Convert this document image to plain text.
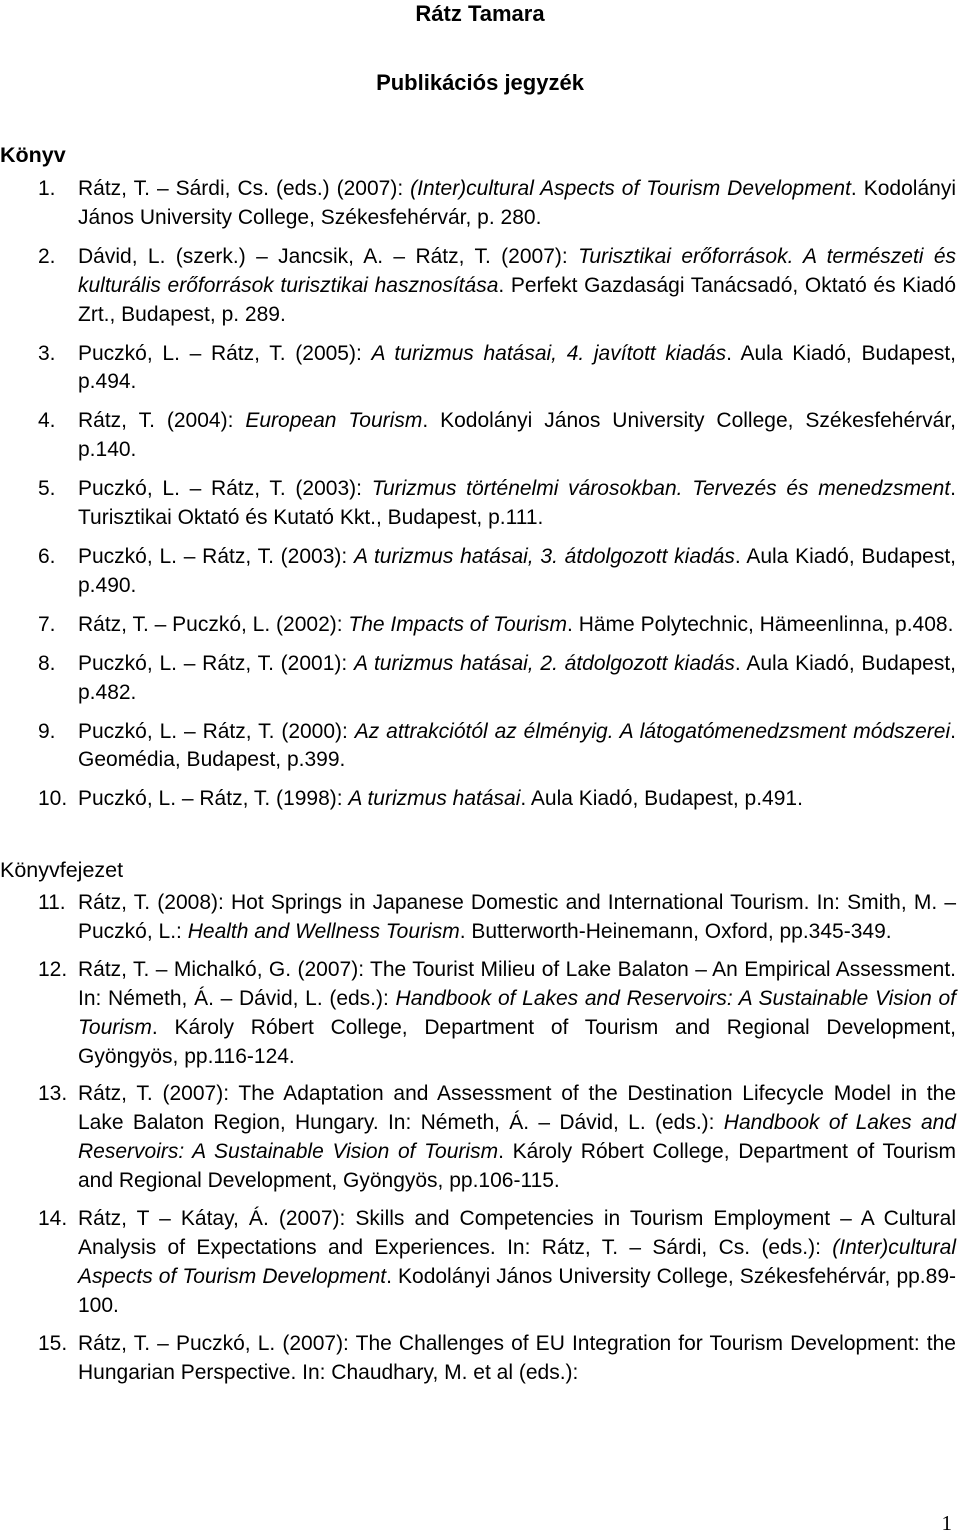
Rátz Tamara
Publikációs jegyzék
Könyv
1. Rátz, T. – Sárdi, Cs. (eds.) (2007): (Inter)cultural Aspects of Tourism Development. Kodolányi János University College, Székesfehérvár, p. 280.
2. Dávid, L. (szerk.) – Jancsik, A. – Rátz, T. (2007): Turisztikai erőforrások. A természeti és kulturális erőforrások turisztikai hasznosítása. Perfekt Gazdasági Tanácsadó, Oktató és Kiadó Zrt., Budapest, p. 289.
3. Puczkó, L. – Rátz, T. (2005): A turizmus hatásai, 4. javított kiadás. Aula Kiadó, Budapest, p.494.
4. Rátz, T. (2004): European Tourism. Kodolányi János University College, Székesfehérvár, p.140.
5. Puczkó, L. – Rátz, T. (2003): Turizmus történelmi városokban. Tervezés és menedzsment. Turisztikai Oktató és Kutató Kkt., Budapest, p.111.
6. Puczkó, L. – Rátz, T. (2003): A turizmus hatásai, 3. átdolgozott kiadás. Aula Kiadó, Budapest, p.490.
7. Rátz, T. – Puczkó, L. (2002): The Impacts of Tourism. Häme Polytechnic, Hämeenlinna, p.408.
8. Puczkó, L. – Rátz, T. (2001): A turizmus hatásai, 2. átdolgozott kiadás. Aula Kiadó, Budapest, p.482.
9. Puczkó, L. – Rátz, T. (2000): Az attrakciótól az élményig. A látogatómenedzsment módszerei. Geomédia, Budapest, p.399.
10. Puczkó, L. – Rátz, T. (1998): A turizmus hatásai. Aula Kiadó, Budapest, p.491.
Könyvfejezet
11. Rátz, T. (2008): Hot Springs in Japanese Domestic and International Tourism. In: Smith, M. – Puczkó, L.: Health and Wellness Tourism. Butterworth-Heinemann, Oxford, pp.345-349.
12. Rátz, T. – Michalkó, G. (2007): The Tourist Milieu of Lake Balaton – An Empirical Assessment. In: Németh, Á. – Dávid, L. (eds.): Handbook of Lakes and Reservoirs: A Sustainable Vision of Tourism. Károly Róbert College, Department of Tourism and Regional Development, Gyöngyös, pp.116-124.
13. Rátz, T. (2007): The Adaptation and Assessment of the Destination Lifecycle Model in the Lake Balaton Region, Hungary. In: Németh, Á. – Dávid, L. (eds.): Handbook of Lakes and Reservoirs: A Sustainable Vision of Tourism. Károly Róbert College, Department of Tourism and Regional Development, Gyöngyös, pp.106-115.
14. Rátz, T – Kátay, Á. (2007): Skills and Competencies in Tourism Employment – A Cultural Analysis of Expectations and Experiences. In: Rátz, T. – Sárdi, Cs. (eds.): (Inter)cultural Aspects of Tourism Development. Kodolányi János University College, Székesfehérvár, pp.89-100.
15. Rátz, T. – Puczkó, L. (2007): The Challenges of EU Integration for Tourism Development: the Hungarian Perspective. In: Chaudhary, M. et al (eds.):
1
